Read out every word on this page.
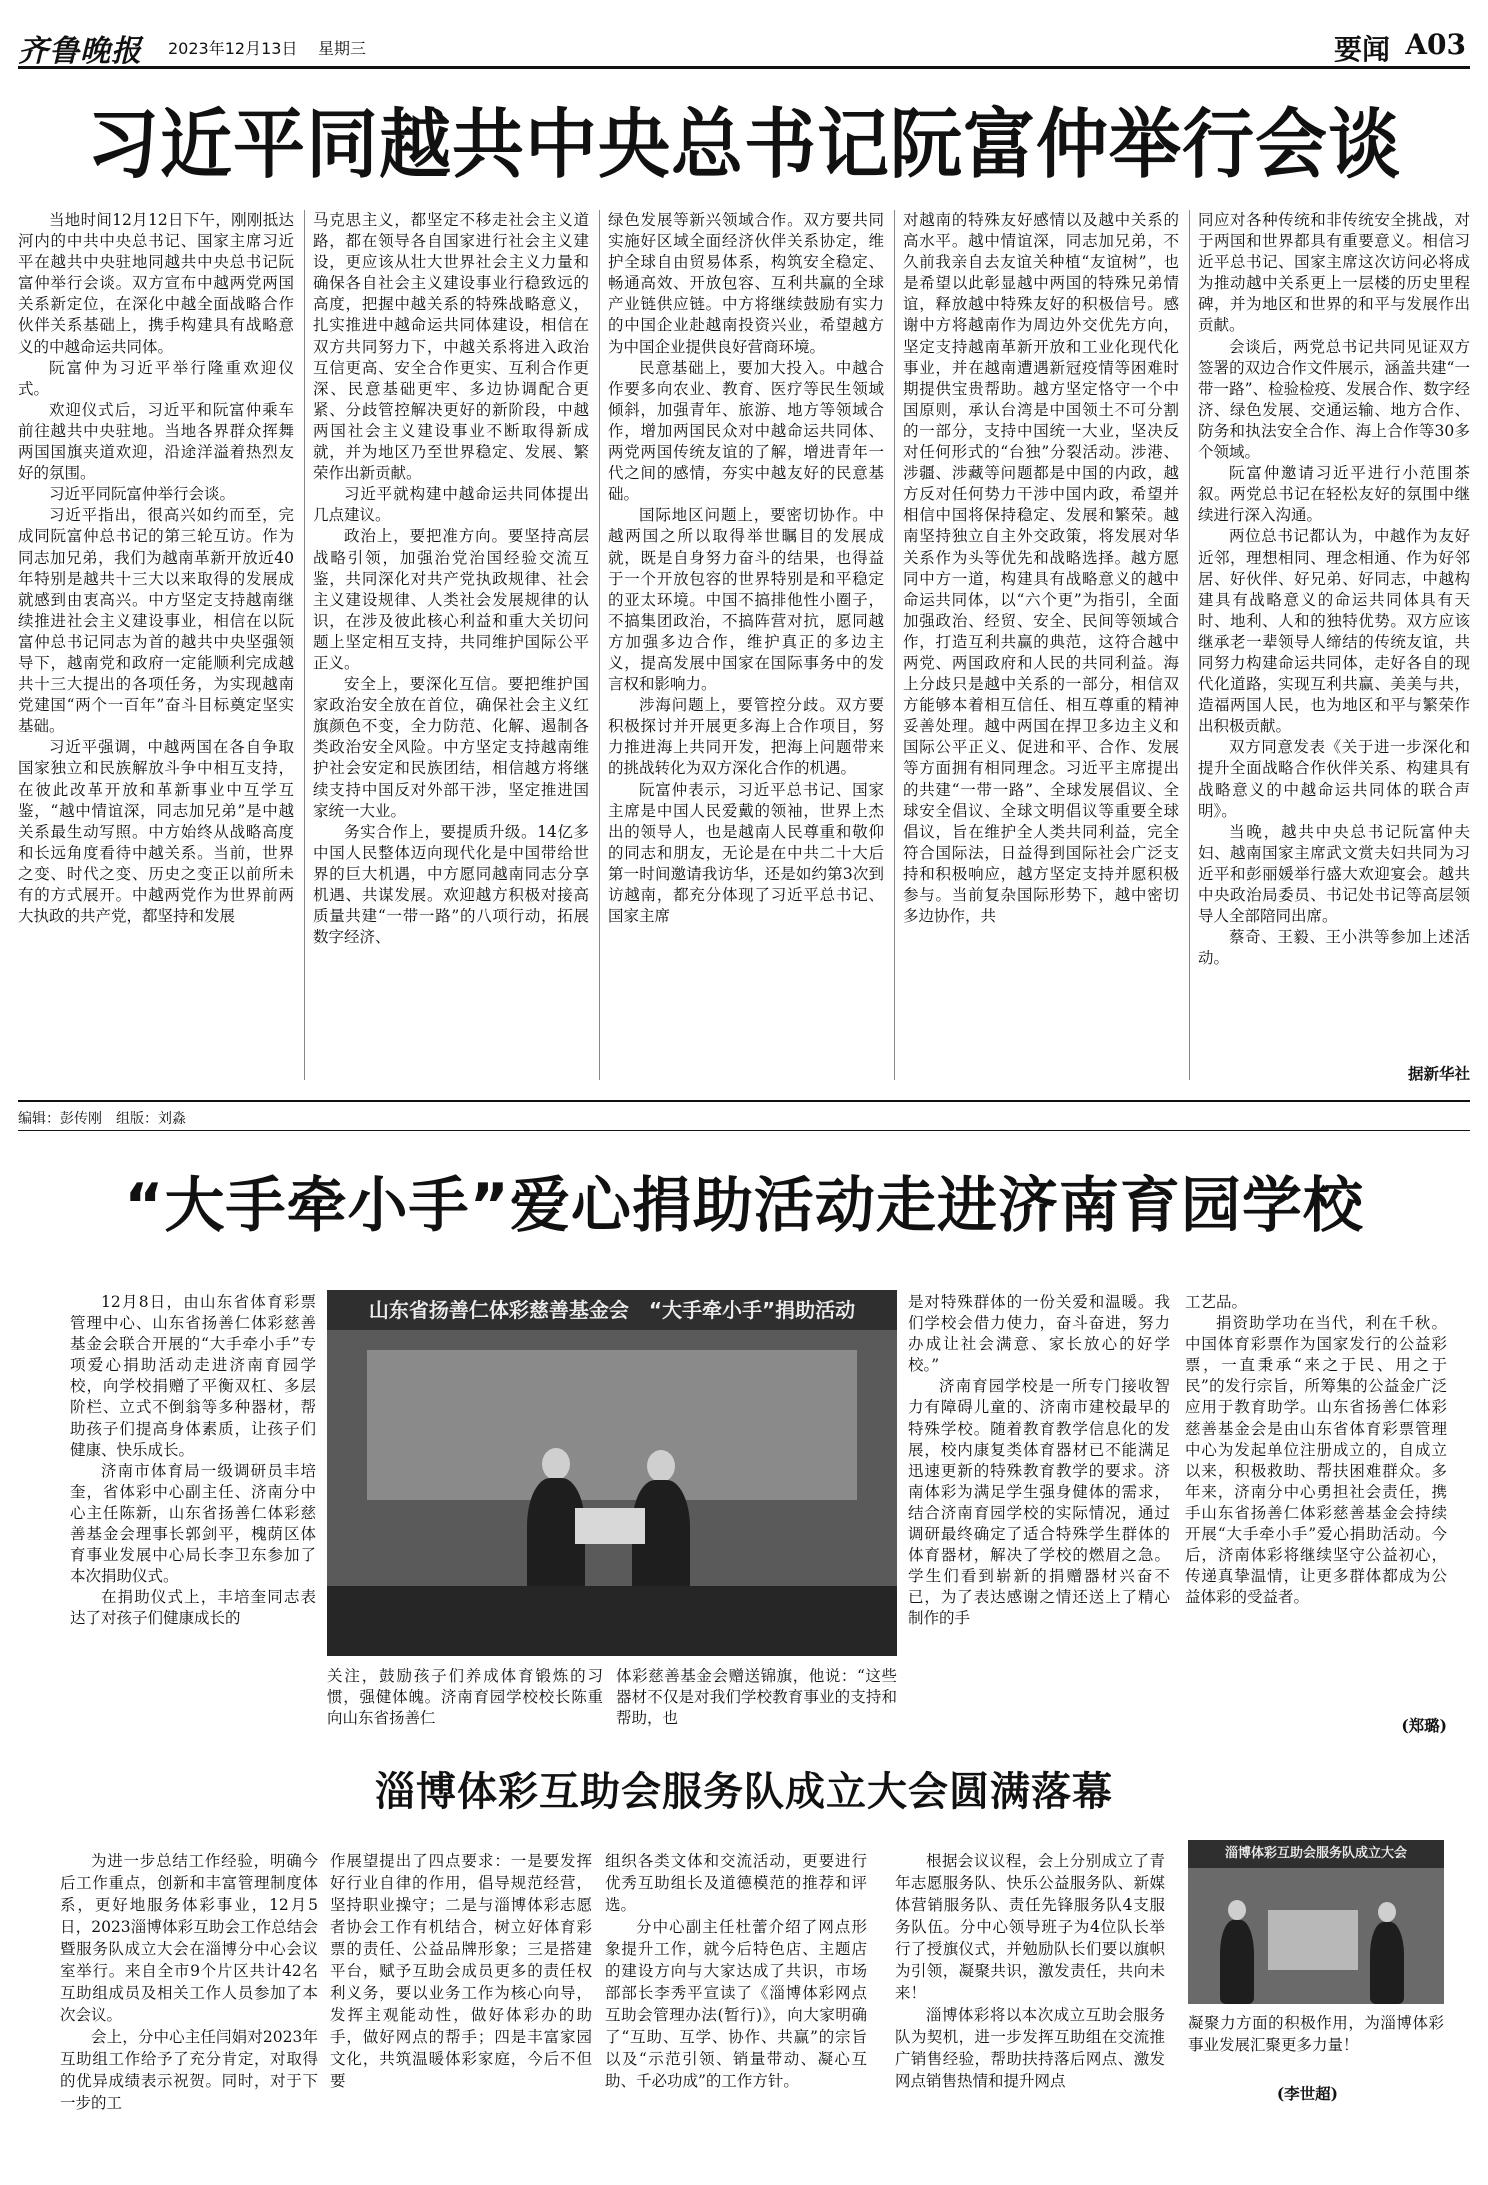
齐鲁晚报 2023年12月13日 星期三	要闻 A03
习近平同越共中央总书记阮富仲举行会谈

当地时间12月12日下午，刚刚抵达河内的中共中央总书记、国家主席习近平在越共中央驻地同越共中央总书记阮富仲举行会谈。双方宣布中越两党两国关系新定位，在深化中越全面战略合作伙伴关系基础上，携手构建具有战略意义的中越命运共同体。

阮富仲为习近平举行隆重欢迎仪式。

欢迎仪式后，习近平和阮富仲乘车前往越共中央驻地。当地各界群众挥舞两国国旗夹道欢迎，沿途洋溢着热烈友好的氛围。

习近平同阮富仲举行会谈。

习近平指出，很高兴如约而至，完成同阮富仲总书记的第三轮互访。作为同志加兄弟，我们为越南革新开放近40年特别是越共十三大以来取得的发展成就感到由衷高兴。中方坚定支持越南继续推进社会主义建设事业，相信在以阮富仲总书记同志为首的越共中央坚强领导下，越南党和政府一定能顺利完成越共十三大提出的各项任务，为实现越南党建国“两个一百年”奋斗目标奠定坚实基础。

习近平强调，中越两国在各自争取国家独立和民族解放斗争中相互支持，在彼此改革开放和革新事业中互学互鉴，“越中情谊深，同志加兄弟”是中越关系最生动写照。中方始终从战略高度和长远角度看待中越关系。当前，世界之变、时代之变、历史之变正以前所未有的方式展开。中越两党作为世界前两大执政的共产党，都坚持和发展

马克思主义，都坚定不移走社会主义道路，都在领导各自国家进行社会主义建设，更应该从壮大世界社会主义力量和确保各自社会主义建设事业行稳致远的高度，把握中越关系的特殊战略意义，扎实推进中越命运共同体建设，相信在双方共同努力下，中越关系将进入政治互信更高、安全合作更实、互利合作更深、民意基础更牢、多边协调配合更紧、分歧管控解决更好的新阶段，中越两国社会主义建设事业不断取得新成就，并为地区乃至世界稳定、发展、繁荣作出新贡献。

习近平就构建中越命运共同体提出几点建议。

政治上，要把准方向。要坚持高层战略引领，加强治党治国经验交流互鉴，共同深化对共产党执政规律、社会主义建设规律、人类社会发展规律的认识，在涉及彼此核心利益和重大关切问题上坚定相互支持，共同维护国际公平正义。

安全上，要深化互信。要把维护国家政治安全放在首位，确保社会主义红旗颜色不变，全力防范、化解、遏制各类政治安全风险。中方坚定支持越南维护社会安定和民族团结，相信越方将继续支持中国反对外部干涉，坚定推进国家统一大业。

务实合作上，要提质升级。14亿多中国人民整体迈向现代化是中国带给世界的巨大机遇，中方愿同越南同志分享机遇、共谋发展。欢迎越方积极对接高质量共建“一带一路”的八项行动，拓展数字经济、

绿色发展等新兴领域合作。双方要共同实施好区域全面经济伙伴关系协定，维护全球自由贸易体系，构筑安全稳定、畅通高效、开放包容、互利共赢的全球产业链供应链。中方将继续鼓励有实力的中国企业赴越南投资兴业，希望越方为中国企业提供良好营商环境。

民意基础上，要加大投入。中越合作要多向农业、教育、医疗等民生领域倾斜，加强青年、旅游、地方等领域合作，增加两国民众对中越命运共同体、两党两国传统友谊的了解，增进青年一代之间的感情，夯实中越友好的民意基础。

国际地区问题上，要密切协作。中越两国之所以取得举世瞩目的发展成就，既是自身努力奋斗的结果，也得益于一个开放包容的世界特别是和平稳定的亚太环境。中国不搞排他性小圈子，不搞集团政治，不搞阵营对抗，愿同越方加强多边合作，维护真正的多边主义，提高发展中国家在国际事务中的发言权和影响力。

涉海问题上，要管控分歧。双方要积极探讨并开展更多海上合作项目，努力推进海上共同开发，把海上问题带来的挑战转化为双方深化合作的机遇。

阮富仲表示，习近平总书记、国家主席是中国人民爱戴的领袖，世界上杰出的领导人，也是越南人民尊重和敬仰的同志和朋友，无论是在中共二十大后第一时间邀请我访华，还是如约第3次到访越南，都充分体现了习近平总书记、国家主席

对越南的特殊友好感情以及越中关系的高水平。越中情谊深，同志加兄弟，不久前我亲自去友谊关种植“友谊树”，也是希望以此彰显越中两国的特殊兄弟情谊，释放越中特殊友好的积极信号。感谢中方将越南作为周边外交优先方向，坚定支持越南革新开放和工业化现代化事业，并在越南遭遇新冠疫情等困难时期提供宝贵帮助。越方坚定恪守一个中国原则，承认台湾是中国领土不可分割的一部分，支持中国统一大业，坚决反对任何形式的“台独”分裂活动。涉港、涉疆、涉藏等问题都是中国的内政，越方反对任何势力干涉中国内政，希望并相信中国将保持稳定、发展和繁荣。越南坚持独立自主外交政策，将发展对华关系作为头等优先和战略选择。越方愿同中方一道，构建具有战略意义的越中命运共同体，以“六个更”为指引，全面加强政治、经贸、安全、民间等领域合作，打造互利共赢的典范，这符合越中两党、两国政府和人民的共同利益。海上分歧只是越中关系的一部分，相信双方能够本着相互信任、相互尊重的精神妥善处理。越中两国在捍卫多边主义和国际公平正义、促进和平、合作、发展等方面拥有相同理念。习近平主席提出的共建“一带一路”、全球发展倡议、全球安全倡议、全球文明倡议等重要全球倡议，旨在维护全人类共同利益，完全符合国际法，日益得到国际社会广泛支持和积极响应，越方坚定支持并愿积极参与。当前复杂国际形势下，越中密切多边协作，共

同应对各种传统和非传统安全挑战，对于两国和世界都具有重要意义。相信习近平总书记、国家主席这次访问必将成为推动越中关系更上一层楼的历史里程碑，并为地区和世界的和平与发展作出贡献。

会谈后，两党总书记共同见证双方签署的双边合作文件展示，涵盖共建“一带一路”、检验检疫、发展合作、数字经济、绿色发展、交通运输、地方合作、防务和执法安全合作、海上合作等30多个领域。

阮富仲邀请习近平进行小范围茶叙。两党总书记在轻松友好的氛围中继续进行深入沟通。

两位总书记都认为，中越作为友好近邻，理想相同、理念相通、作为好邻居、好伙伴、好兄弟、好同志，中越构建具有战略意义的命运共同体具有天时、地利、人和的独特优势。双方应该继承老一辈领导人缔结的传统友谊，共同努力构建命运共同体，走好各自的现代化道路，实现互利共赢、美美与共，造福两国人民，也为地区和平与繁荣作出积极贡献。

双方同意发表《关于进一步深化和提升全面战略合作伙伴关系、构建具有战略意义的中越命运共同体的联合声明》。

当晚，越共中央总书记阮富仲夫妇、越南国家主席武文赏夫妇共同为习近平和彭丽媛举行盛大欢迎宴会。越共中央政治局委员、书记处书记等高层领导人全部陪同出席。

蔡奇、王毅、王小洪等参加上述活动。

据新华社
编辑：彭传刚　组版：刘淼
“大手牵小手”爱心捐助活动走进济南育园学校

12月8日，由山东省体育彩票管理中心、山东省扬善仁体彩慈善基金会联合开展的“大手牵小手”专项爱心捐助活动走进济南育园学校，向学校捐赠了平衡双杠、多层阶栏、立式不倒翁等多种器材，帮助孩子们提高身体素质，让孩子们健康、快乐成长。

济南市体育局一级调研员丰培奎，省体彩中心副主任、济南分中心主任陈新，山东省扬善仁体彩慈善基金会理事长郭剑平，槐荫区体育事业发展中心局长李卫东参加了本次捐助仪式。

在捐助仪式上，丰培奎同志表达了对孩子们健康成长的

山东省扬善仁体彩慈善基金会　“大手牵小手”捐助活动

关注，鼓励孩子们养成体育锻炼的习惯，强健体魄。济南育园学校校长陈重向山东省扬善仁

体彩慈善基金会赠送锦旗，他说：“这些器材不仅是对我们学校教育事业的支持和帮助，也

是对特殊群体的一份关爱和温暖。我们学校会借力使力，奋斗奋进，努力办成让社会满意、家长放心的好学校。”

济南育园学校是一所专门接收智力有障碍儿童的、济南市建校最早的特殊学校。随着教育教学信息化的发展，校内康复类体育器材已不能满足迅速更新的特殊教育教学的要求。济南体彩为满足学生强身健体的需求，结合济南育园学校的实际情况，通过调研最终确定了适合特殊学生群体的体育器材，解决了学校的燃眉之急。学生们看到崭新的捐赠器材兴奋不已，为了表达感谢之情还送上了精心制作的手

工艺品。

捐资助学功在当代，利在千秋。中国体育彩票作为国家发行的公益彩票，一直秉承“来之于民、用之于民”的发行宗旨，所筹集的公益金广泛应用于教育助学。山东省扬善仁体彩慈善基金会是由山东省体育彩票管理中心为发起单位注册成立的，自成立以来，积极救助、帮扶困难群众。多年来，济南分中心勇担社会责任，携手山东省扬善仁体彩慈善基金会持续开展“大手牵小手”爱心捐助活动。今后，济南体彩将继续坚守公益初心，传递真挚温情，让更多群体都成为公益体彩的受益者。

(郑璐)
淄博体彩互助会服务队成立大会圆满落幕

为进一步总结工作经验，明确今后工作重点，创新和丰富管理制度体系，更好地服务体彩事业，12月5日，2023淄博体彩互助会工作总结会暨服务队成立大会在淄博分中心会议室举行。来自全市9个片区共计42名互助组成员及相关工作人员参加了本次会议。

会上，分中心主任闫娟对2023年互助组工作给予了充分肯定，对取得的优异成绩表示祝贺。同时，对于下一步的工

作展望提出了四点要求：一是要发挥好行业自律的作用，倡导规范经营，坚持职业操守；二是与淄博体彩志愿者协会工作有机结合，树立好体育彩票的责任、公益品牌形象；三是搭建平台，赋予互助会成员更多的责任权利义务，要以业务工作为核心向导，发挥主观能动性，做好体彩办的助手，做好网点的帮手；四是丰富家园文化，共筑温暖体彩家庭，今后不但要

组织各类文体和交流活动，更要进行优秀互助组长及道德模范的推荐和评选。

分中心副主任杜蕾介绍了网点形象提升工作，就今后特色店、主题店的建设方向与大家达成了共识，市场部部长李秀平宣读了《淄博体彩网点互助会管理办法(暂行)》，向大家明确了“互助、互学、协作、共赢”的宗旨以及“示范引领、销量带动、凝心互助、千必功成”的工作方针。

根据会议议程，会上分别成立了青年志愿服务队、快乐公益服务队、新媒体营销服务队、责任先锋服务队4支服务队伍。分中心领导班子为4位队长举行了授旗仪式，并勉励队长们要以旗帜为引领，凝聚共识，激发责任，共向未来！

淄博体彩将以本次成立互助会服务队为契机，进一步发挥互助组在交流推广销售经验，帮助扶持落后网点、激发网点销售热情和提升网点

淄博体彩互助会服务队成立大会

凝聚力方面的积极作用，为淄博体彩事业发展汇聚更多力量！

(李世超)
